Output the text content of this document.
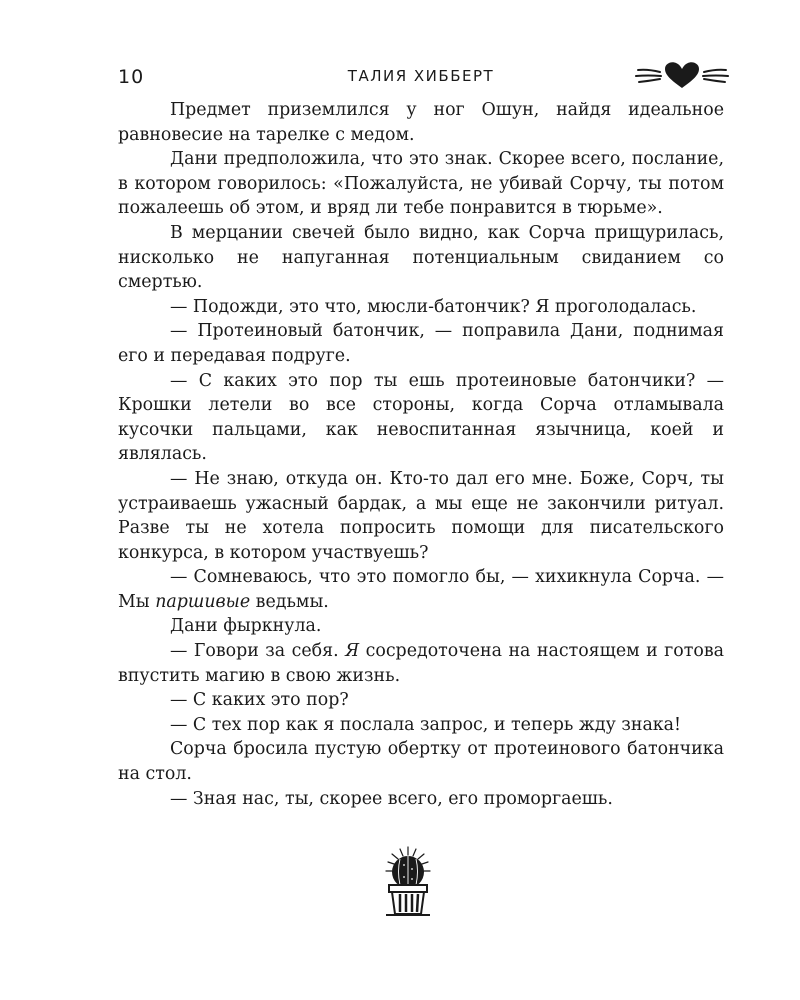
10	ТАЛИЯ ХИББЕРТ

Предмет приземлился у ног Ошун, найдя идеальное равновесие на тарелке с медом.

Дани предположила, что это знак. Скорее всего, послание, в котором говорилось: «Пожалуйста, не убивай Сорчу, ты потом пожалеешь об этом, и вряд ли тебе понравится в тюрьме».

В мерцании свечей было видно, как Сорча прищурилась, нисколько не напуганная потенциальным свиданием со смертью.

— Подожди, это что, мюсли-батончик? Я проголодалась.

— Протеиновый батончик, — поправила Дани, поднимая его и передавая подруге.

— С каких это пор ты ешь протеиновые батончики? — Крошки летели во все стороны, когда Сорча отламывала кусочки пальцами, как невоспитанная язычница, коей и являлась.

— Не знаю, откуда он. Кто-то дал его мне. Боже, Сорч, ты устраиваешь ужасный бардак, а мы еще не закончили ритуал. Разве ты не хотела попросить помощи для писательского конкурса, в котором участвуешь?

— Сомневаюсь, что это помогло бы, — хихикнула Сорча. — Мы паршивые ведьмы.

Дани фыркнула.

— Говори за себя. Я сосредоточена на настоящем и готова впустить магию в свою жизнь.

— С каких это пор?

— С тех пор как я послала запрос, и теперь жду знака!

Сорча бросила пустую обертку от протеинового батончика на стол.

— Зная нас, ты, скорее всего, его проморгаешь.
